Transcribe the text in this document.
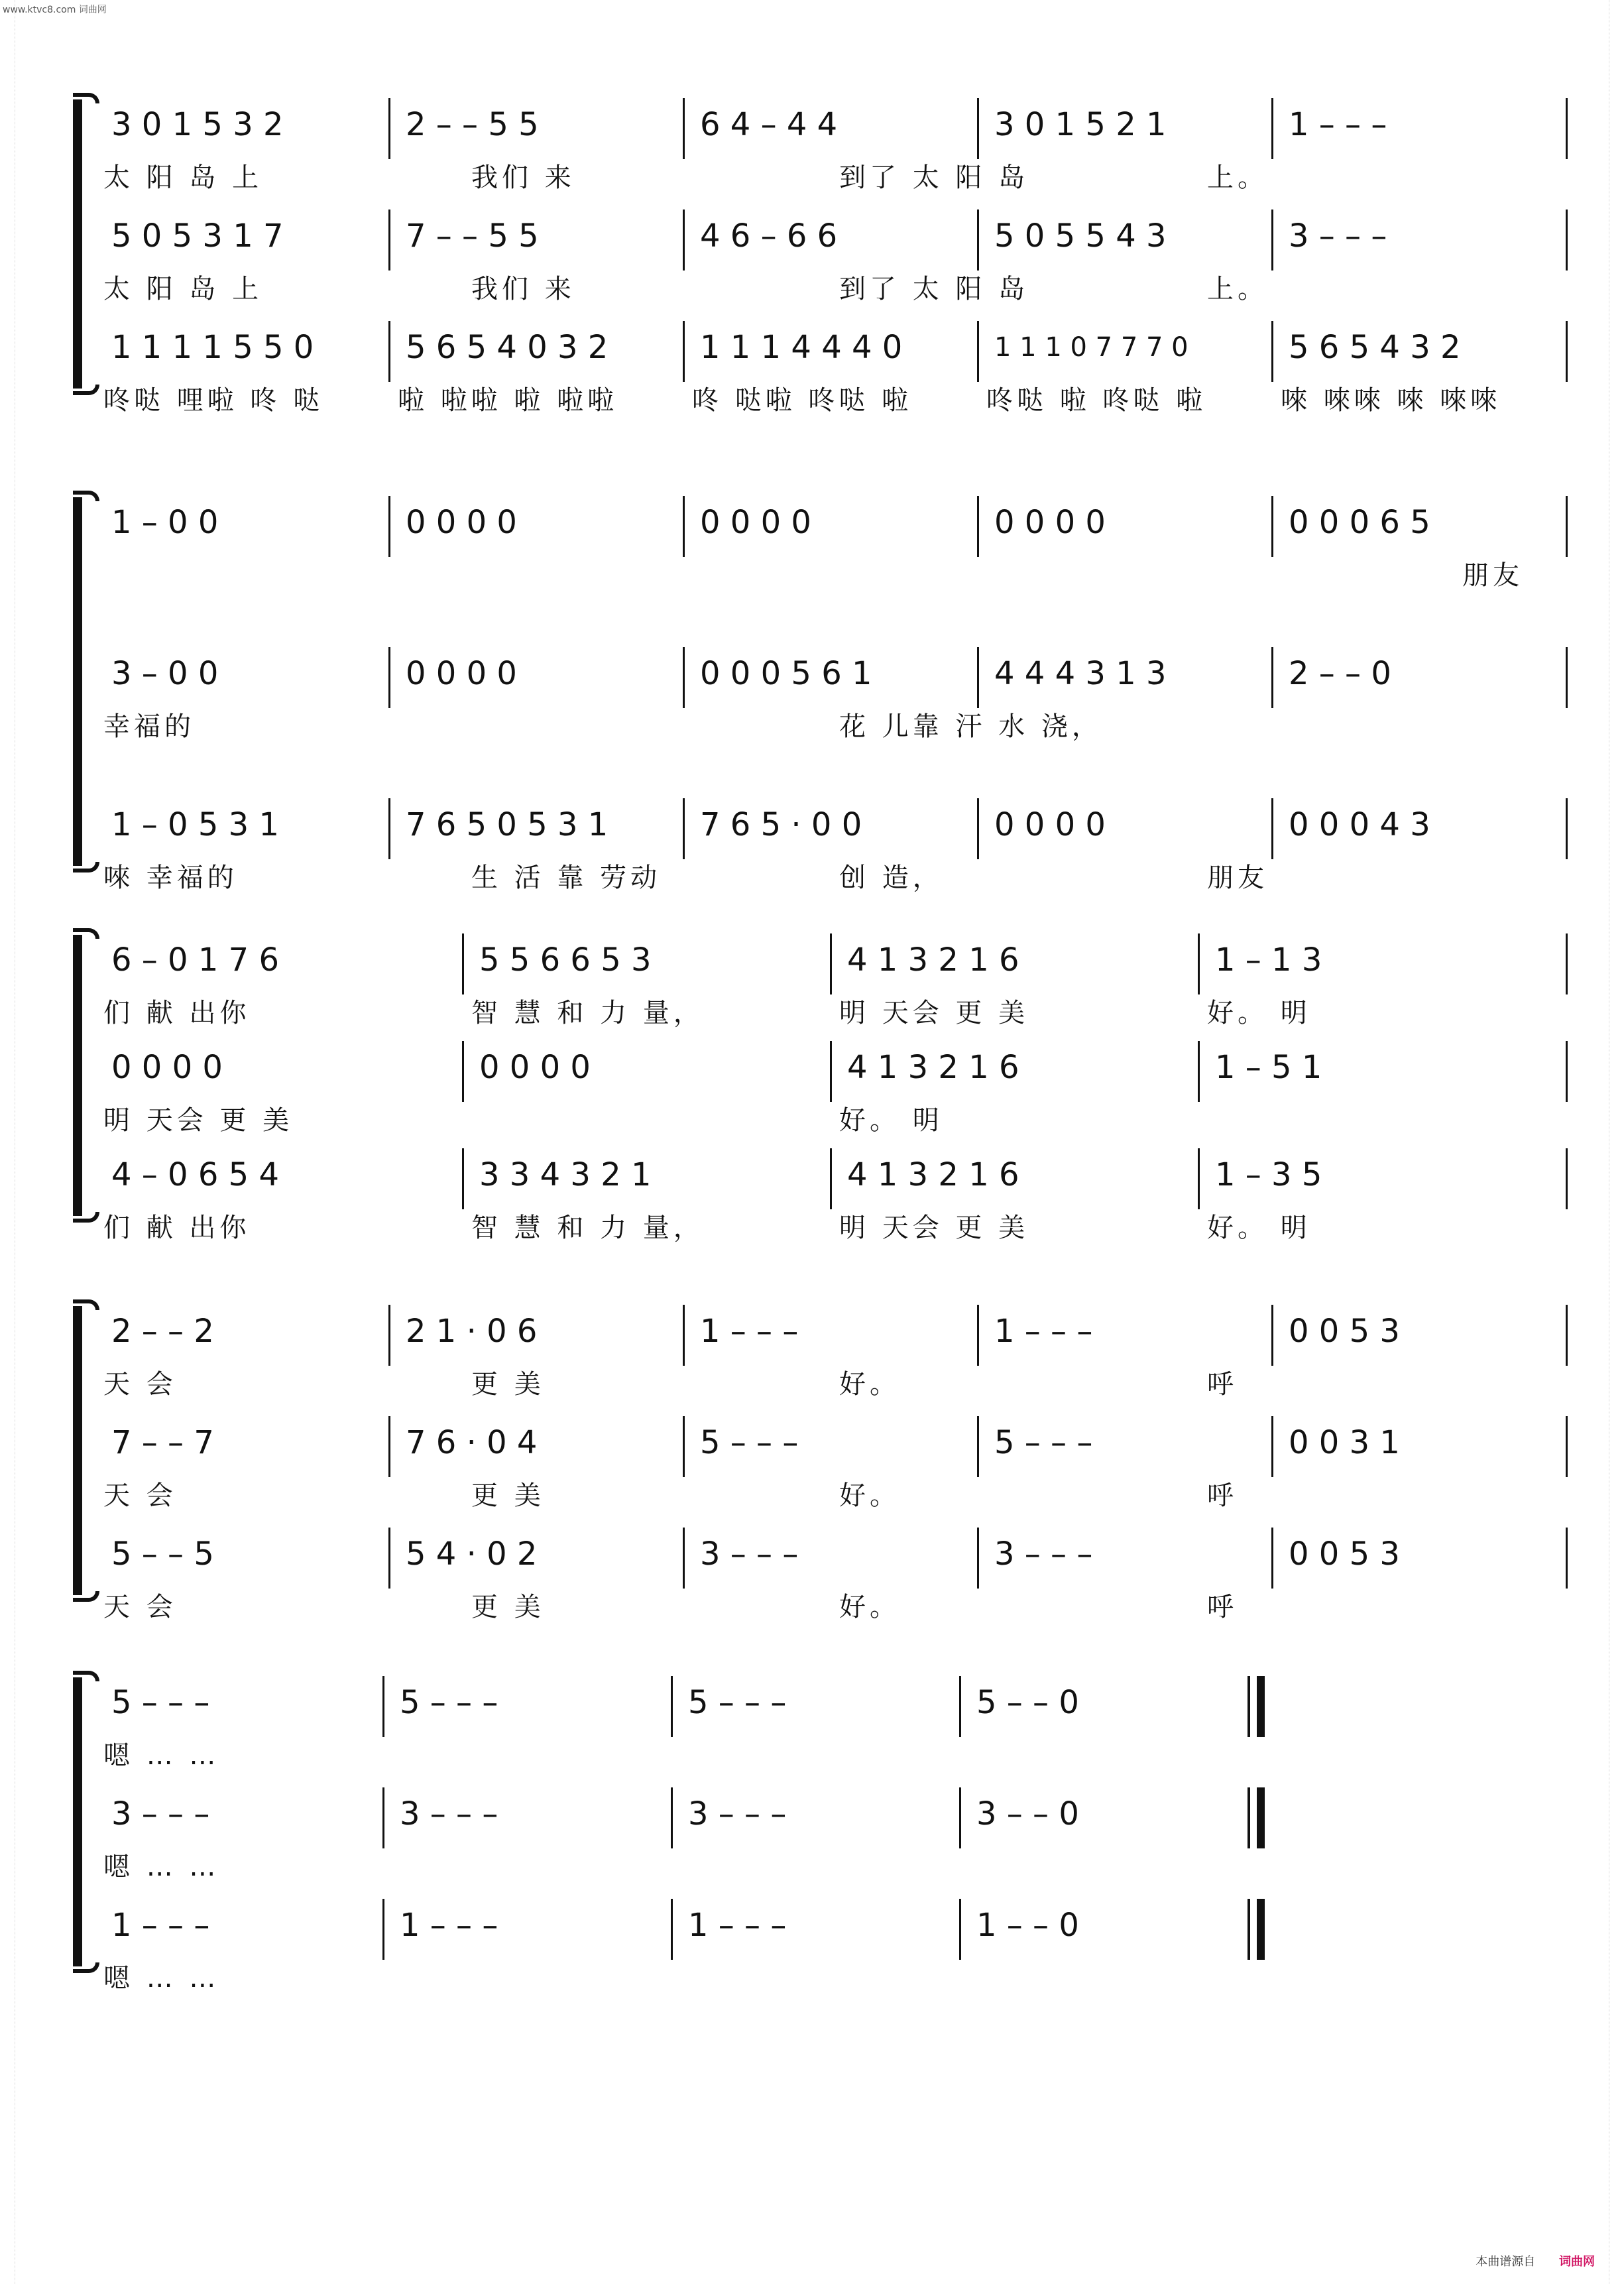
www.ktvc8.com 词曲网
3 0 1 5 3 2	2 – – 5 5	6 4 – 4 4	3 0 1 5 2 1	1 – – –
太 阳 岛 上	我们 来	到了 太 阳 岛	上。
5 0 5 3 1 7	7 – – 5 5	4 6 – 6 6	5 0 5 5 4 3	3 – – –
太 阳 岛 上	我们 来	到了 太 阳 岛	上。
1 1 1 1 5 5 0	5 6 5 4 0 3 2	1 1 1 4 4 4 0	1 1 1 0 7 7 7 0	5 6 5 4 3 2
咚哒 哩啦 咚 哒	啦 啦啦 啦 啦啦	咚 哒啦 咚哒 啦	咚哒 啦 咚哒 啦	唻 唻唻 唻 唻唻
1 – 0 0	0 0 0 0	0 0 0 0	0 0 0 0	0 0 0 6 5
朋友
3 – 0 0	0 0 0 0	0 0 0 5 6 1	4 4 4 3 1 3	2 – – 0
幸福的	花 儿靠 汗 水 浇，
1 – 0 5 3 1	7 6 5 0 5 3 1	7 6 5 · 0 0	0 0 0 0	0 0 0 4 3
唻 幸福的	生 活 靠 劳动	创 造，	朋友
6 – 0 1 7 6	5 5 6 6 5 3	4 1 3 2 1 6	1 – 1 3
们 献 出你	智 慧 和 力 量，	明 天会 更 美	好。 明
0 0 0 0	0 0 0 0	4 1 3 2 1 6	1 – 5 1
明 天会 更 美	好。 明
4 – 0 6 5 4	3 3 4 3 2 1	4 1 3 2 1 6	1 – 3 5
们 献 出你	智 慧 和 力 量，	明 天会 更 美	好。 明
2 – – 2	2 1 · 0 6	1 – – –	1 – – –	0 0 5 3
天 会	更 美	好。	呼
7 – – 7	7 6 · 0 4	5 – – –	5 – – –	0 0 3 1
天 会	更 美	好。	呼
5 – – 5	5 4 · 0 2	3 – – –	3 – – –	0 0 5 3
天 会	更 美	好。	呼
5 – – –	5 – – –	5 – – –	5 – – 0
嗯 … …
3 – – –	3 – – –	3 – – –	3 – – 0
嗯 … …
1 – – –	1 – – –	1 – – –	1 – – 0
嗯 … …
本曲谱源自 词曲网
